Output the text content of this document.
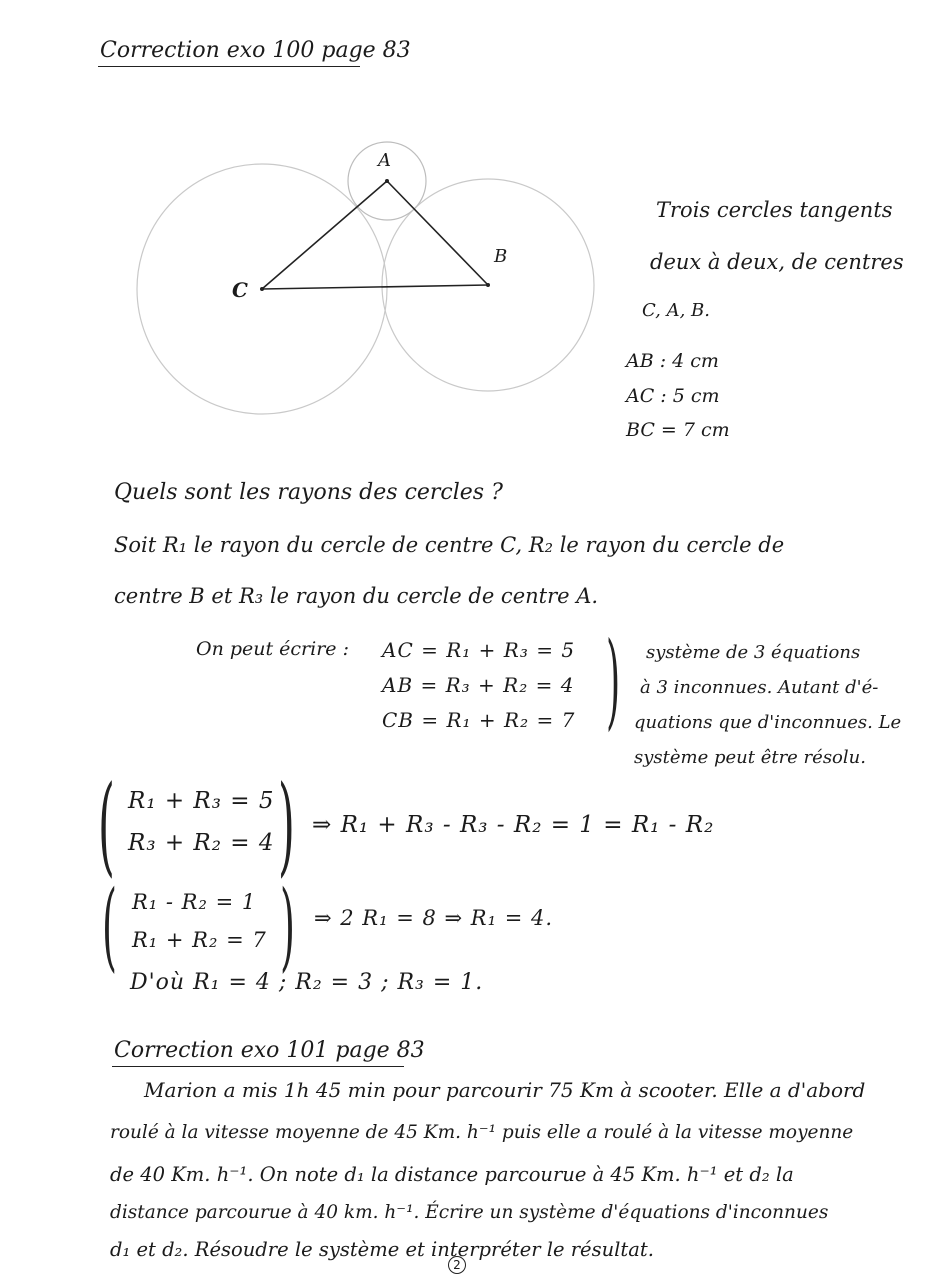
Correction exo 100 page 83
A
B
C
Trois cercles tangents
deux à deux, de centres
C, A, B.
AB : 4 cm
AC : 5 cm
BC = 7 cm
Quels sont les rayons des cercles ?
Soit R₁ le rayon du cercle de centre C, R₂ le rayon du cercle de
centre B et R₃ le rayon du cercle de centre A.
On peut écrire : AC = R₁ + R₃ = 5
AB = R₃ + R₂ = 4
CB = R₁ + R₂ = 7 ) système de 3 équations
à 3 inconnues. Autant d'é-
quations que d'inconnues. Le
système peut être résolu.
( R₁ + R₃ = 5
R₃ + R₂ = 4 ) ⇒ R₁ + R₃ - R₃ - R₂ = 1 = R₁ - R₂
( R₁ - R₂ = 1
R₁ + R₂ = 7 ) ⇒ 2 R₁ = 8 ⇒ R₁ = 4.
D'où R₁ = 4 ; R₂ = 3 ; R₃ = 1.
Correction exo 101 page 83
Marion a mis 1h 45 min pour parcourir 75 Km à scooter. Elle a d'abord
roulé à la vitesse moyenne de 45 Km. h⁻¹ puis elle a roulé à la vitesse moyenne
de 40 Km. h⁻¹. On note d₁ la distance parcourue à 45 Km. h⁻¹ et d₂ la
distance parcourue à 40 km. h⁻¹. Écrire un système d'équations d'inconnues
d₁ et d₂. Résoudre le système et interpréter le résultat.
2
